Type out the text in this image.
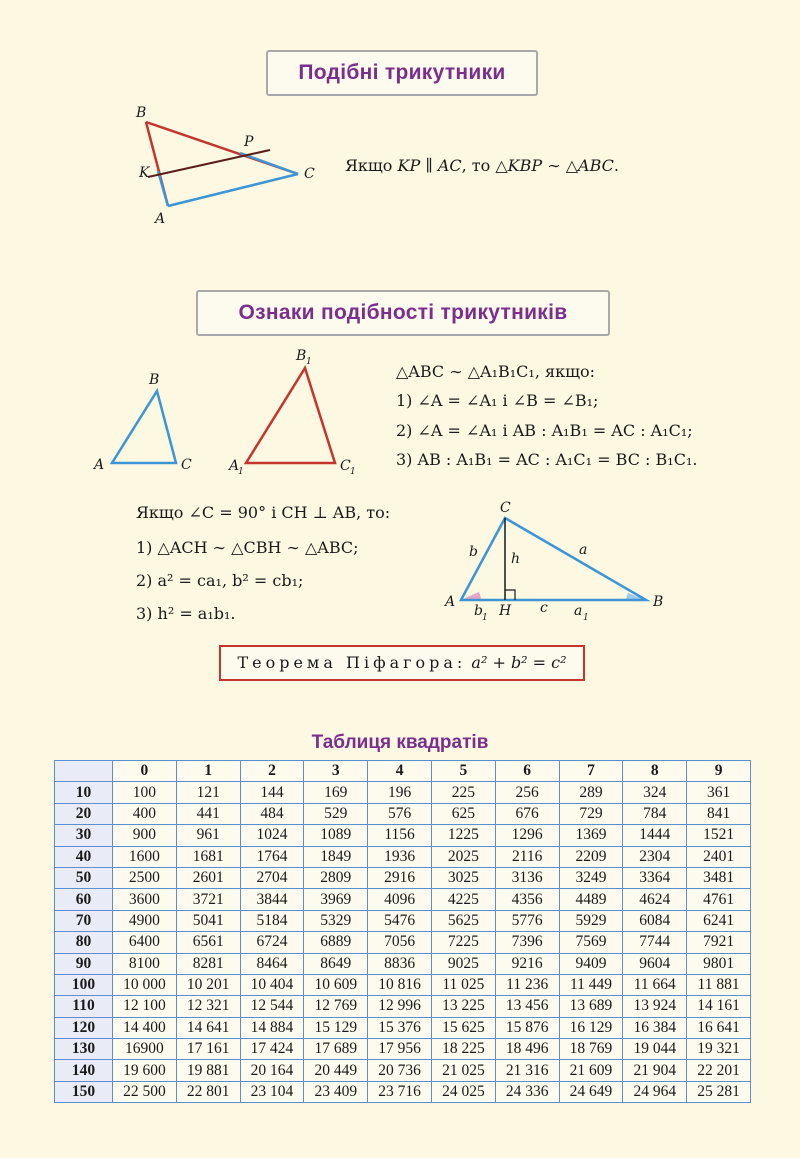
Подібні трикутники
B
P
K	C
A
A
B
C	A
1
B 1
C 1
C
A	B
H
b	a
h
c
b 1	a 1
Якщо KP ∥ AC, то △KBP ∼ △ABC.
Ознаки подібності трикутників
△ABC ∼ △A₁B₁C₁, якщо:
1) ∠A = ∠A₁ і ∠B = ∠B₁;
2) ∠A = ∠A₁ і AB : A₁B₁ = AC : A₁C₁;
3) AB : A₁B₁ = AC : A₁C₁ = BC : B₁C₁.
Якщо ∠C = 90° і CH ⊥ AB, то:
1) △ACH ∼ △CBH ∼ △ABC;
2) a² = ca₁, b² = cb₁;
3) h² = a₁b₁.
Теорема Піфагора: a² + b² = c²
Таблиця квадратів
	0	1	2	3	4	5	6	7	8	9
10	100	121	144	169	196	225	256	289	324	361
20	400	441	484	529	576	625	676	729	784	841
30	900	961	1024	1089	1156	1225	1296	1369	1444	1521
40	1600	1681	1764	1849	1936	2025	2116	2209	2304	2401
50	2500	2601	2704	2809	2916	3025	3136	3249	3364	3481
60	3600	3721	3844	3969	4096	4225	4356	4489	4624	4761
70	4900	5041	5184	5329	5476	5625	5776	5929	6084	6241
80	6400	6561	6724	6889	7056	7225	7396	7569	7744	7921
90	8100	8281	8464	8649	8836	9025	9216	9409	9604	9801
100	10 000	10 201	10 404	10 609	10 816	11 025	11 236	11 449	11 664	11 881
110	12 100	12 321	12 544	12 769	12 996	13 225	13 456	13 689	13 924	14 161
120	14 400	14 641	14 884	15 129	15 376	15 625	15 876	16 129	16 384	16 641
130	16900	17 161	17 424	17 689	17 956	18 225	18 496	18 769	19 044	19 321
140	19 600	19 881	20 164	20 449	20 736	21 025	21 316	21 609	21 904	22 201
150	22 500	22 801	23 104	23 409	23 716	24 025	24 336	24 649	24 964	25 281
